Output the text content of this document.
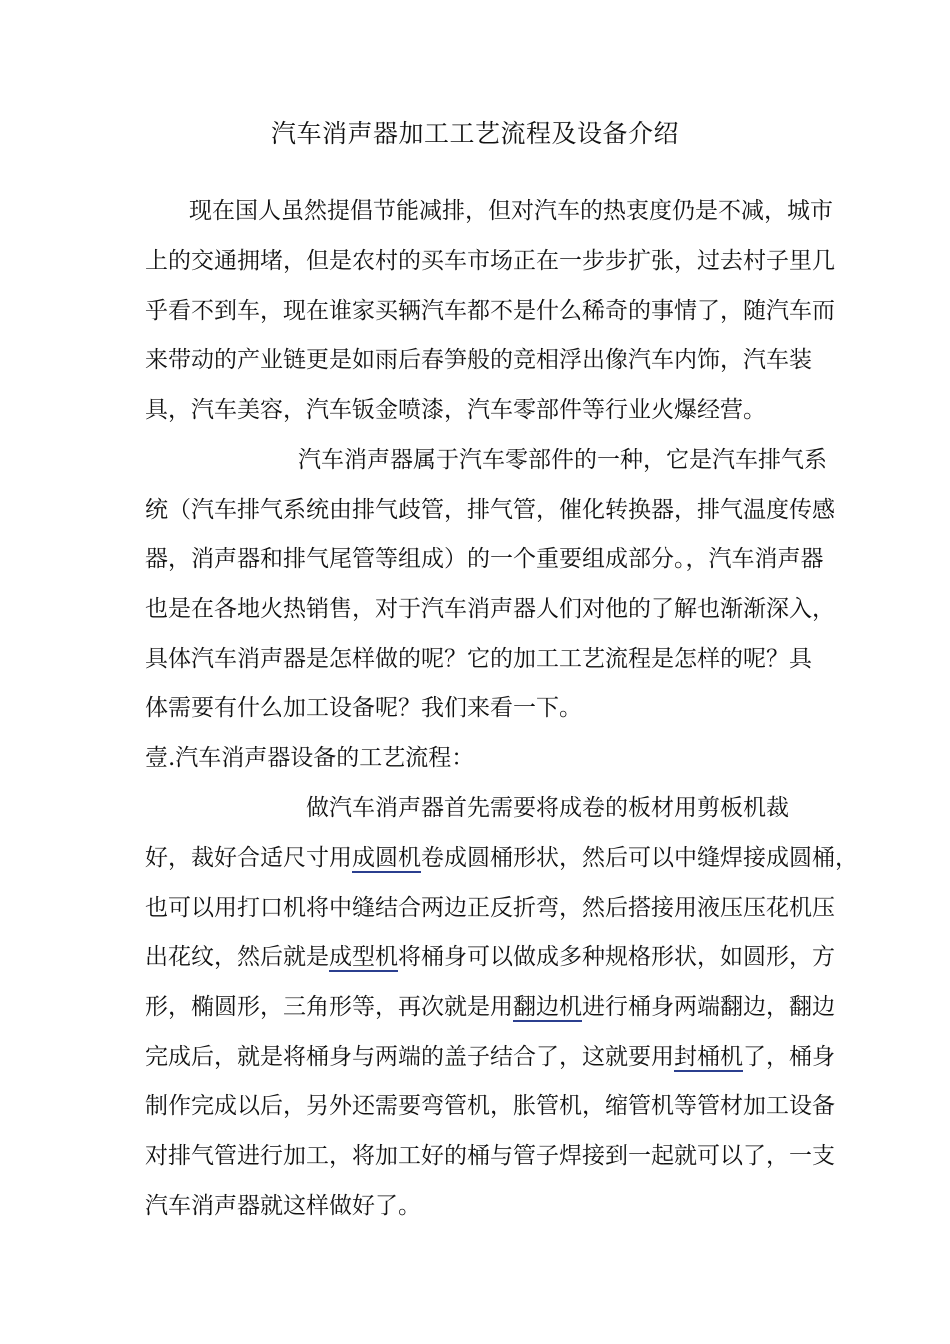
汽车消声器加工工艺流程及设备介绍
现在国人虽然提倡节能减排，但对汽车的热衷度仍是不减，城市
上的交通拥堵，但是农村的买车市场正在一步步扩张，过去村子里几
乎看不到车，现在谁家买辆汽车都不是什么稀奇的事情了，随汽车而
来带动的产业链更是如雨后春笋般的竞相浮出像汽车内饰，汽车装
具，汽车美容，汽车钣金喷漆，汽车零部件等行业火爆经营。
汽车消声器属于汽车零部件的一种，它是汽车排气系
统（汽车排气系统由排气歧管，排气管，催化转换器，排气温度传感
器，消声器和排气尾管等组成）的一个重要组成部分。，汽车消声器
也是在各地火热销售，对于汽车消声器人们对他的了解也渐渐深入，
具体汽车消声器是怎样做的呢？它的加工工艺流程是怎样的呢？具
体需要有什么加工设备呢？我们来看一下。
壹.汽车消声器设备的工艺流程：
做汽车消声器首先需要将成卷的板材用剪板机裁
好，裁好合适尺寸用成圆机卷成圆桶形状，然后可以中缝焊接成圆桶，
也可以用打口机将中缝结合两边正反折弯，然后搭接用液压压花机压
出花纹，然后就是成型机将桶身可以做成多种规格形状，如圆形，方
形，椭圆形，三角形等，再次就是用翻边机进行桶身两端翻边，翻边
完成后，就是将桶身与两端的盖子结合了，这就要用封桶机了，桶身
制作完成以后，另外还需要弯管机，胀管机，缩管机等管材加工设备
对排气管进行加工，将加工好的桶与管子焊接到一起就可以了，一支
汽车消声器就这样做好了。
